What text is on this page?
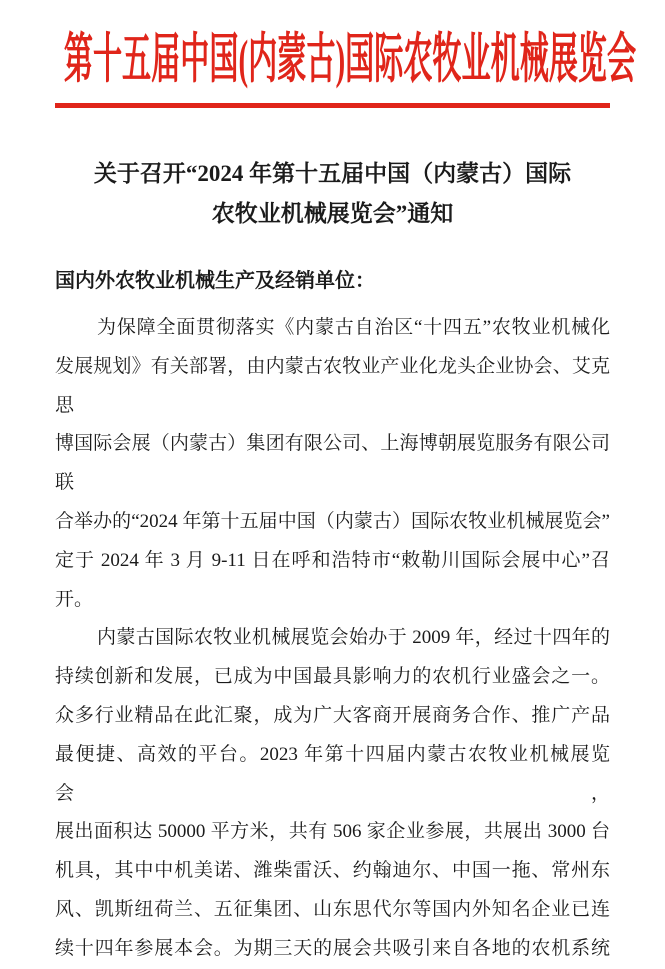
第十五届中国(内蒙古)国际农牧业机械展览会
关于召开“2024 年第十五届中国（内蒙古）国际
农牧业机械展览会”通知

国内外农牧业机械生产及经销单位：

为保障全面贯彻落实《内蒙古自治区“十四五”农牧业机械化
发展规划》有关部署，由内蒙古农牧业产业化龙头企业协会、艾克思
博国际会展（内蒙古）集团有限公司、上海博朝展览服务有限公司联
合举办的“2024 年第十五届中国（内蒙古）国际农牧业机械展览会”
定于 2024 年 3 月 9-11 日在呼和浩特市“敕勒川国际会展中心”召
开。
内蒙古国际农牧业机械展览会始办于 2009 年，经过十四年的
持续创新和发展，已成为中国最具影响力的农机行业盛会之一。
众多行业精品在此汇聚，成为广大客商开展商务合作、推广产品
最便捷、高效的平台。2023 年第十四届内蒙古农牧业机械展览会，
展出面积达 50000 平方米，共有 506 家企业参展，共展出 3000 台
机具，其中中机美诺、潍柴雷沃、约翰迪尔、中国一拖、常州东
风、凯斯纽荷兰、五征集团、山东思代尔等国内外知名企业已连
续十四年参展本会。为期三天的展会共吸引来自各地的农机系统
